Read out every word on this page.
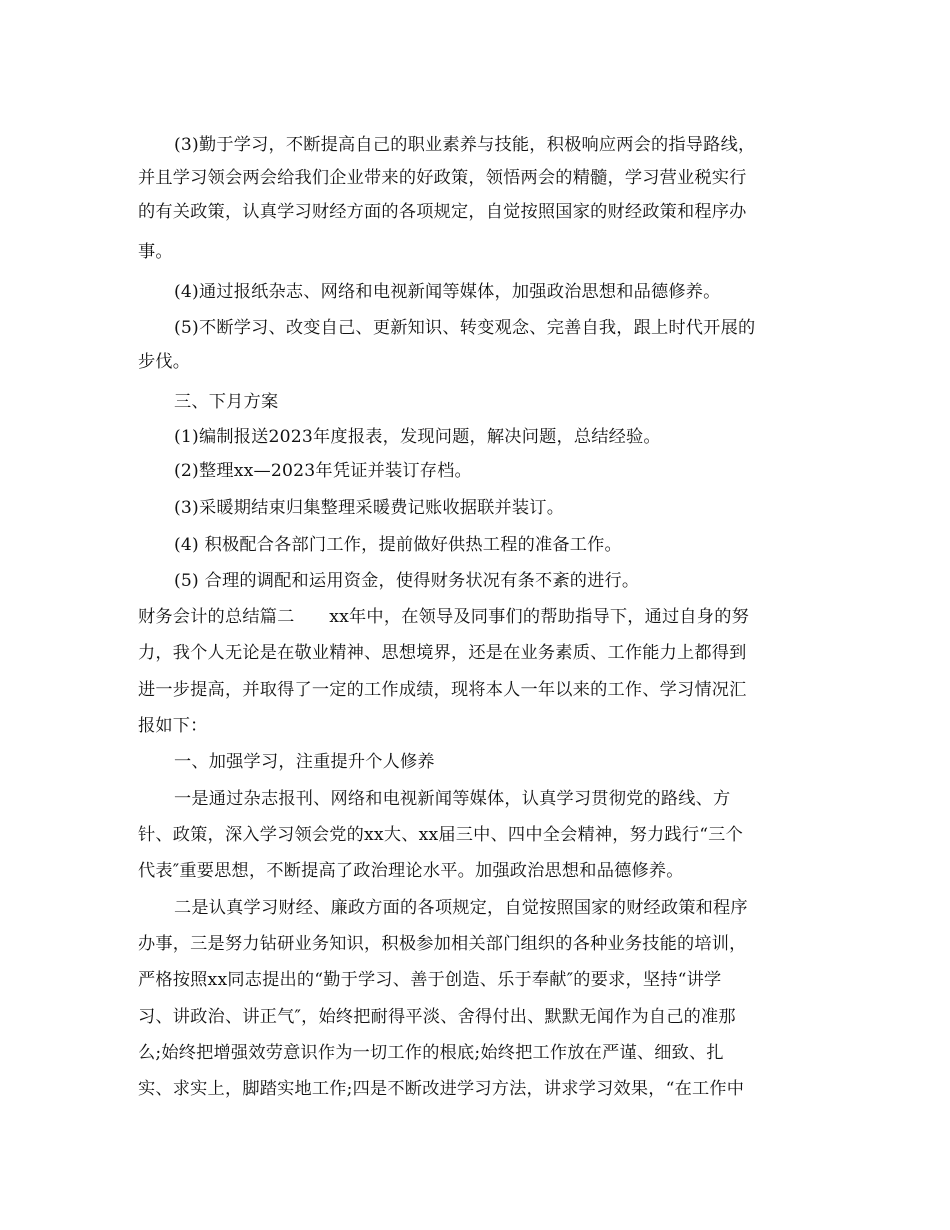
(3)勤于学习，不断提高自己的职业素养与技能，积极响应两会的指导路线，
并且学习领会两会给我们企业带来的好政策，领悟两会的精髓，学习营业税实行
的有关政策，认真学习财经方面的各项规定，自觉按照国家的财经政策和程序办
事。
(4)通过报纸杂志、网络和电视新闻等媒体，加强政治思想和品德修养。
(5)不断学习、改变自己、更新知识、转变观念、完善自我，跟上时代开展的
步伐。
三、下月方案
(1)编制报送2023年度报表，发现问题，解决问题，总结经验。
(2)整理xx—2023年凭证并装订存档。
(3)采暖期结束归集整理采暖费记账收据联并装订。
(4) 积极配合各部门工作，提前做好供热工程的准备工作。
(5) 合理的调配和运用资金，使得财务状况有条不紊的进行。
财务会计的总结篇二　　xx年中，在领导及同事们的帮助指导下，通过自身的努
力，我个人无论是在敬业精神、思想境界，还是在业务素质、工作能力上都得到
进一步提高，并取得了一定的工作成绩，现将本人一年以来的工作、学习情况汇
报如下：
一、加强学习，注重提升个人修养
一是通过杂志报刊、网络和电视新闻等媒体，认真学习贯彻党的路线、方
针、政策，深入学习领会党的xx大、xx届三中、四中全会精神，努力践行“三个
代表″重要思想，不断提高了政治理论水平。加强政治思想和品德修养。
二是认真学习财经、廉政方面的各项规定，自觉按照国家的财经政策和程序
办事，三是努力钻研业务知识，积极参加相关部门组织的各种业务技能的培训，
严格按照xx同志提出的“勤于学习、善于创造、乐于奉献″的要求，坚持“讲学
习、讲政治、讲正气″，始终把耐得平淡、舍得付出、默默无闻作为自己的准那
么;始终把增强效劳意识作为一切工作的根底;始终把工作放在严谨、细致、扎
实、求实上，脚踏实地工作;四是不断改进学习方法，讲求学习效果，“在工作中
